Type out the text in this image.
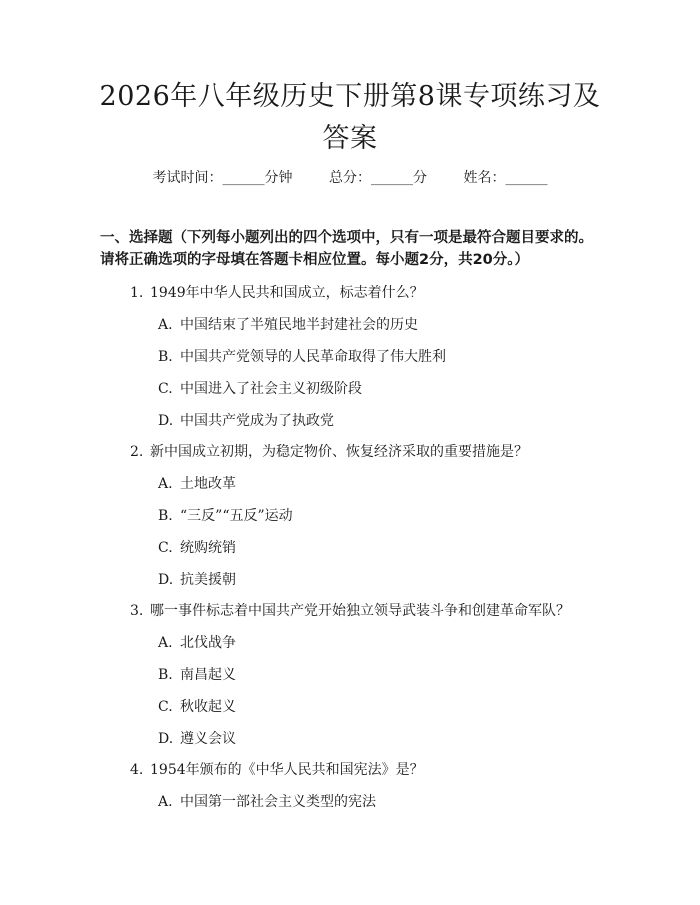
2026年八年级历史下册第8课专项练习及答案
考试时间：______分钟	总分：______分	姓名：______
一、选择题（下列每小题列出的四个选项中，只有一项是最符合题目要求的。请将正确选项的字母填在答题卡相应位置。每小题2分，共20分。）
1. 1949年中华人民共和国成立，标志着什么？
A. 中国结束了半殖民地半封建社会的历史
B. 中国共产党领导的人民革命取得了伟大胜利
C. 中国进入了社会主义初级阶段
D. 中国共产党成为了执政党
2. 新中国成立初期，为稳定物价、恢复经济采取的重要措施是？
A. 土地改革
B. “三反”“五反”运动
C. 统购统销
D. 抗美援朝
3. 哪一事件标志着中国共产党开始独立领导武装斗争和创建革命军队？
A. 北伐战争
B. 南昌起义
C. 秋收起义
D. 遵义会议
4. 1954年颁布的《中华人民共和国宪法》是？
A. 中国第一部社会主义类型的宪法
